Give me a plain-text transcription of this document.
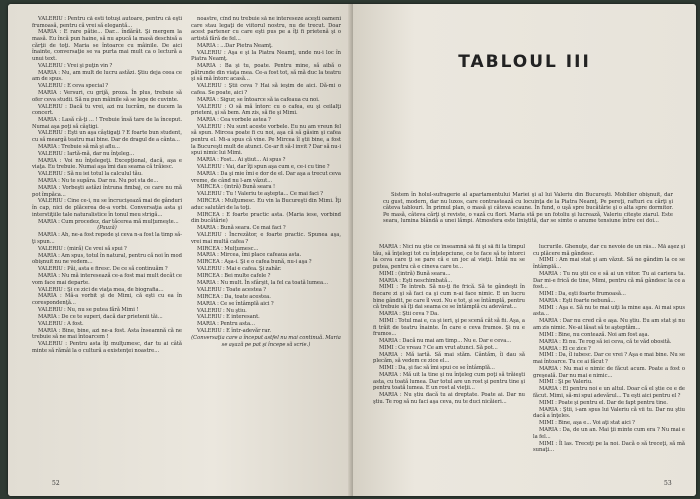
VALERIU : Pentru că esti totuşi autoare, pentru că eşti frumoasă, pentru că vrei să elegantă...

MARIA : E rare pătie... Dar... îndărăt. Şi mergem la masă. Eu încă pun haine, să nu apucă la masă deschisă a cărţii de toţi. Maria se întoarce cu mâinile. De aici înainte, conversaţie se va purta mai mult ca o lectură a unui text.

VALERIU : Vrei şi puţin vin ?

MARIA : Nu, am mult de lucru astăzi. Ştiu deja ceea ce am de spus.

VALERIU : E ceva special ?

MARIA : Versuri, cu grijă, proza. În plus, trebuie să ofer ceva studii. Să nu pun mâinile să se lege de cuvinte.

VALERIU : Dacă tu vrei, azi nu lucrăm, ne ducem la concert.

MARIA : Lasă că-ţi ... ! Trebuie însă tare de la început. Numai aşa poţi să câştigi.

VALERIU : Eşti un aşa câştigaţi ? E foarte bun student, cu să meargă teatru mai bine. Dar de dragul de a cânta...

MARIA : Trebuie să mă şi aflu...

VALERIU : Iartă-mă, dar nu înţeleg...

MARIA : Voi nu înţelegeţi. Excepţional, dacă, aşa e viaţa. Eu trebuie. Numai aşa îmi dau seama că trăiesc.

VALERIU : Să nu iei totul la calculul tău.

MARIA : Nu te supăra. Dar nu. Nu pot sta de...

MARIA : Vorbeşti astăzi întruna fimbaj, ce care nu mă pot împăca...

VALERIU : Cine ce-i, nu se încrucişează mai de gânduri în cap, nici de plăcerea de-a vorbi. Conversaţia asta şi interstiţiile tale naturalistice în tonul meu strigă...

MARIA : Cum procedez, dar tăcerea mă mulţumeşte...

(Pauză)

MARIA : Ah, ne-a fost repede şi ceva n-a fost la timp să-ţi spun...

VALERIU : (miră) Ce vrei să spui ?

MARIA : Am spus, totul în natural, pentru că noi în mod obişnuit nu ne vedem...

VALERIU : Păi, asta e firesc. De ce să continuăm ?

MARIA : Nu mă interesează ce-a fost mai mult decât ce vom face mai departe.

VALERIU : Şi ce zici de viaţa mea, de biografia...

MARIA : Mă-a vorbit şi de Mimi, că eşti cu ea în corespondenţă...

VALERIU : Nu, nu se putea fără Mimi !

MARIA : De ce te superi, dacă dar prietenii tăi...

VALERIU : A fost.

MARIA : Bine, bine, azi ne-a fost. Asta înseamnă că ne trebuie să ne mai întoarcem !

VALERIU : Pentru asta îţi mulţumesc, dar tu ai câtă minte să rămâi la o cultură a existenţei noastre...

noastre, cînd nu trebuie să ne intereseze aceşti oameni care stau legaţi de viitorul nostru, nu de trecut. Doar acest partener cu care eşti pus pe a îţi fi prietenă şi o artistă fără de fel...

MARIA : ...Dar Pietra Neamţ.

VALERIU : Aşa e şi la Piatra Neamţ, unde nu-i loc în Piatra Neamţ.

MARIA : Ba şi tu, poate. Pentru mine, să aibă o pătrunde din viaţa mea. Ce-a fost tot, să mă duc la teatru şi să mă întorc acasă...

VALERIU : Ştii ceva ? Hai să ieşim de aici. Dă-mi o cafea. Se poate, aici ?

MARIA : Sigur, se întoarce să ia cafeaua cu noi.

VALERIU : O să mă întorc cu o cafea, eu şi ceilalţi prieteni, şi să bem. Am zis, să fie şi Mimi.

MARIA : Cea vorbele astea ?

VALERIU : Nu sunt aceste vorbele. Eu nu am vreun fel să spun. Mircea poate fi cu noi, aşa că să găsim şi cafea pentru el. Mi-a spus că vine. Pe Mircea îl ştii bine, a fost la Bucureşti mult de atunci. Ce-ar fi să-l invit ? Dar să nu-i spui nimic lui Mimi.

MARIA : Fost... Ai ştiut... Ai spus ?

VALERIU : Vai, dar îţi spun aşa cum e, ce-i cu tine ?

MARIA : Da şi mie îmi e dor de el. Dar aşa a trecut ceva vreme, de când nu l-am văzut...

MIRCEA : (intră) Bună seara !

VALERIU : Tu ! Valeriu te aştepta... Ce mai faci ?

MIRCEA : Mulţumesc. Eu vin la Bucureşti din Mimi. Îţi aduc salutări de la toţi.

MIRCEA : E foarte practic asta. (Maria iese, vorbind din bucătărie)

MARIA : Bună seara. Ce mai faci ?

VALERIU : Încrezător, e foarte practic. Spunea aşa, vrei mai multă cafea ?

MIRCEA : Mulţumesc...

MARIA : Mircea, îmi place cafeaua asta.

MIRCEA : Aşa-i. Şi e o cafea bună, nu-i aşa ?

VALERIU : Mai e cafea. Şi zahăr.

MIRCEA : Bei multe cafele ?

MARIA : Nu mult. În sfârşit, la fel ca toată lumea...

VALERIU : Toate acestea ?

MIRCEA : Da, toate acestea.

MARIA : Ce se întâmplă aici ?

VALERIU : Nu ştiu.

VALERIU : E interesant.

MARIA : Pentru asta...

VALERIU : E într-adevăr rar.

(Conversaţia care a început astfel nu mai continuă. Maria se aşază pe pat şi începe să scrie.)

52
TABLOUL III

Sistem în holul-sufragerie al apartamentului Mariei şi al lui Valeriu din Bucureşti. Mobilier obişnuit, dar cu gust, modern, dar nu luxos, care contrastează cu locuinţa de la Piatra Neamţ. Pe pereţi, rafturi cu cărţi şi câteva tablouri. În primul plan, o masă şi câteva scaune. În fund, o uşă spre bucătărie şi o alta spre dormitor. Pe masă, câteva cărţi şi reviste, o vază cu flori. Maria stă pe un fotoliu şi lucrează, Valeriu citeşte ziarul. Este seara, lumina blândă a unei lămpi. Atmosfera este liniştită, dar se simte o anume tensiune între cei doi...

MARIA : Nici nu ştie ce înseamnă să fii şi să fii la timpul tău, să înţelegi tot cu înţelepciune, ce te face să te întorci la ceva care ţi se pare că e un joc al vieţii. Întâi nu se putea, pentru că e cineva care te...

MIMI : (intră) Bună seara...

MARIA : Eşti neschimbată...

MIMI : Te întreb. Să nu-ţi fie frică. Să te gândeşti în fiecare zi şi să faci ca şi cum n-ai face nimic. E un lucru bine gândit, pe care îl vezi. Nu e tot, şi se întâmplă, pentru că trebuie să îţi dai seama ce se întâmplă cu adevărat...

MARIA : Ştii ceva ? Da.

MIMI : Totul mai e, ca şi ieri, şi pe scenă cât să fii. Aşa, a fi trăit de teatru înainte. În care e ceva frumos. Şi nu e frumos...

MARIA : Dacă nu mai am timp... Nu e. Dar e ceva...

MIMI : Ce vreau ? Ce am vrut atunci. Să pot...

MARIA : Mă iartă. Să mai stăm. Cântăm, îi dau să plecăm, să vedem ce zice el...

MIMI : Da, şi fac să îmi spui ce se întâmplă...

MARIA : Mă uit la tine şi nu înţeleg cum poţi să trăieşti asta, cu toată lumea. Dar totul are un rost şi pentru tine şi pentru toată lumea. E un rost al vieţii...

MARIA : Nu ştiu dacă tu ai dreptate. Poate ai. Dar nu ştiu. Te rog să nu faci aşa ceva, nu te duci nicăieri...

lucrurile. Ghenuţe, dar cu nevoie de un râs... Mă aşez şi cu plăcere mă gândesc.

MIMI : Am mai stat şi am văzut. Să ne gândim la ce se întâmplă...

MARIA : Tu nu ştii ce e să ai un viitor. Tu ai cariera ta. Dar mi-e frică de tine, Mimi, pentru că mă gândesc la ce a fost...

MIMI : Da, eşti foarte frumoasă...

MARIA : Eşti foarte nebună...

MIMI : Aşa e. Să nu te mai uiţi la mine aşa. Ai mai spus asta...

MARIA : Dar nu cred că e aşa. Nu ştiu. Eu am stat şi nu am zis nimic. Ne-ai lăsat să te aşteptăm...

MIMI : Bine, nu contează. Noi am fost aşa.

MARIA : Ei nu. Te rog să iei ceva, că te văd obosită.

MARIA : El ce zice ?

MIMI : Da, îl iubesc. Dar ce vrei ? Aşa e mai bine. Nu se mai întoarce. Tu ce ai făcut ?

MARIA : Nu mai e nimic de făcut acum. Poate a fost o greşeală. Dar nu mai e nimic...

MIMI : Şi pe Valeriu.

MARIA : El pentru noi e un altul. Doar că el ştie ce e de făcut. Mimi, să-mi spui adevărul... Tu eşti aici pentru el ?

MIMI : Poate şi pentru el. Dar de fapt pentru tine.

MARIA : Ştii, i-am spus lui Valeriu că vii tu. Dar nu ştiu dacă a înţeles.

MIMI : Bine, aşa e... Voi aţi stat aici ?

MARIA : Da, de un an. Mai ţii minte cum era ? Nu mai e la fel...

MIMI : Îl las. Treceţi pe la noi. Dacă o să treceţi, să mă sunaţi...

53
